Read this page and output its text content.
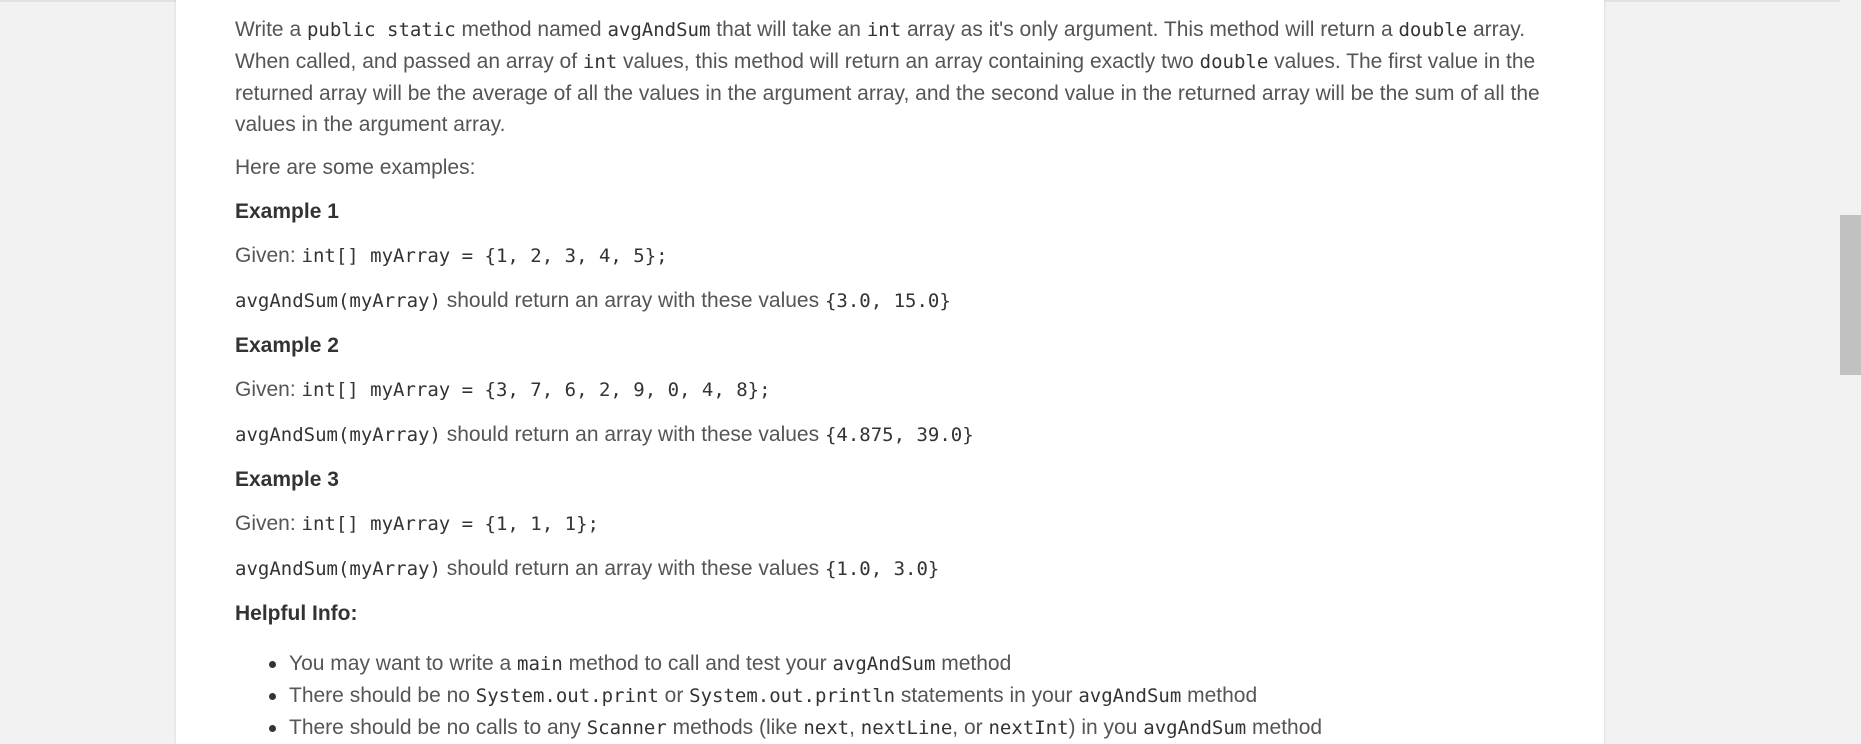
Write a public static method named avgAndSum that will take an int array as it's only argument. This method will return a double array. When called, and passed an array of int values, this method will return an array containing exactly two double values. The first value in the returned array will be the average of all the values in the argument array, and the second value in the returned array will be the sum of all the values in the argument array.

Here are some examples:

Example 1

Given: int[] myArray = {1, 2, 3, 4, 5};

avgAndSum(myArray) should return an array with these values {3.0, 15.0}

Example 2

Given: int[] myArray = {3, 7, 6, 2, 9, 0, 4, 8};

avgAndSum(myArray) should return an array with these values {4.875, 39.0}

Example 3

Given: int[] myArray = {1, 1, 1};

avgAndSum(myArray) should return an array with these values {1.0, 3.0}

Helpful Info:
You may want to write a main method to call and test your avgAndSum method
There should be no System.out.print or System.out.println statements in your avgAndSum method
There should be no calls to any Scanner methods (like next, nextLine, or nextInt) in you avgAndSum method
